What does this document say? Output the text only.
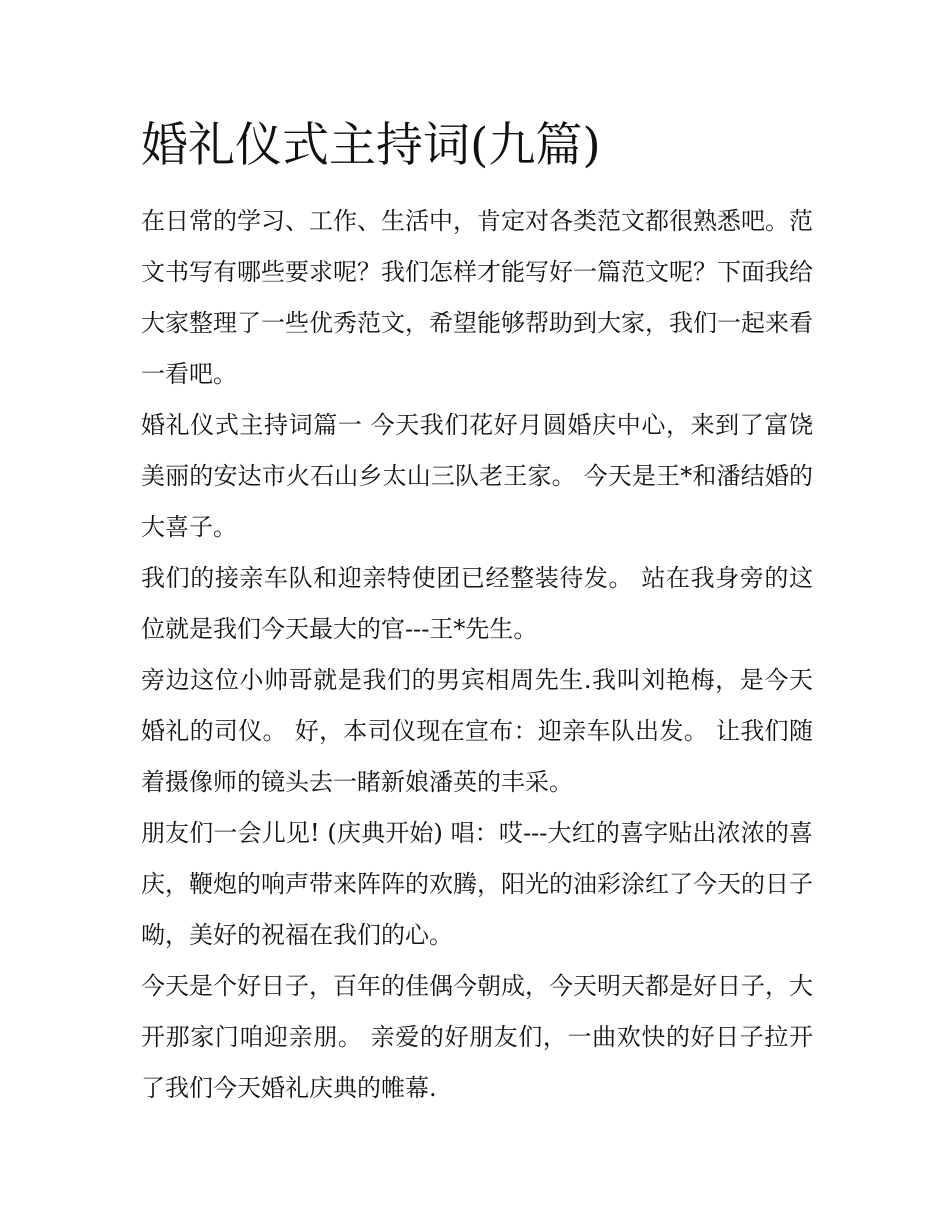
婚礼仪式主持词(九篇)

在日常的学习、工作、生活中，肯定对各类范文都很熟悉吧。范文书写有哪些要求呢？我们怎样才能写好一篇范文呢？下面我给大家整理了一些优秀范文，希望能够帮助到大家，我们一起来看一看吧。

婚礼仪式主持词篇一 今天我们花好月圆婚庆中心，来到了富饶美丽的安达市火石山乡太山三队老王家。 今天是王*和潘结婚的大喜子。

我们的接亲车队和迎亲特使团已经整装待发。 站在我身旁的这位就是我们今天最大的官---王*先生。

旁边这位小帅哥就是我们的男宾相周先生.我叫刘艳梅，是今天婚礼的司仪。 好，本司仪现在宣布：迎亲车队出发。 让我们随着摄像师的镜头去一睹新娘潘英的丰采。

朋友们一会儿见! (庆典开始) 唱：哎---大红的喜字贴出浓浓的喜庆，鞭炮的响声带来阵阵的欢腾，阳光的油彩涂红了今天的日子呦，美好的祝福在我们的心。

今天是个好日子，百年的佳偶今朝成，今天明天都是好日子，大开那家门咱迎亲朋。 亲爱的好朋友们，一曲欢快的好日子拉开了我们今天婚礼庆典的帷幕.
